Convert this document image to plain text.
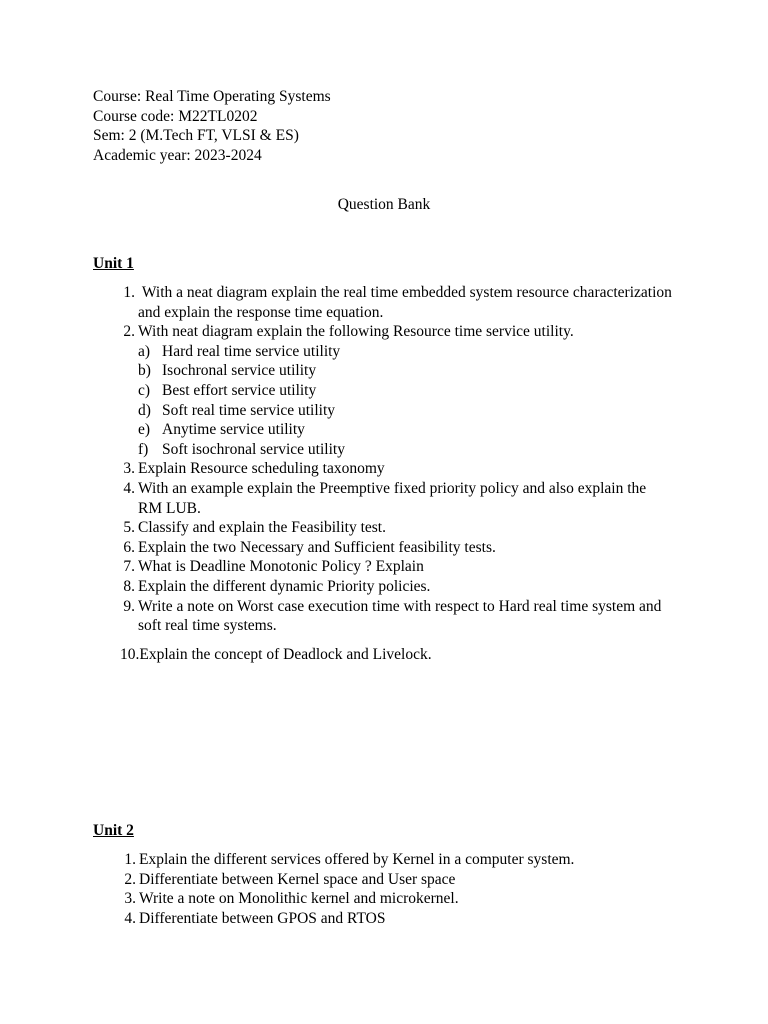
Course: Real Time Operating Systems
Course code: M22TL0202
Sem: 2 (M.Tech FT, VLSI & ES)
Academic year: 2023-2024
Question Bank
Unit 1
1. With a neat diagram explain the real time embedded system resource characterization and explain the response time equation.
2. With neat diagram explain the following Resource time service utility.
a) Hard real time service utility
b) Isochronal service utility
c) Best effort service utility
d) Soft real time service utility
e) Anytime service utility
f) Soft isochronal service utility
3. Explain Resource scheduling taxonomy
4. With an example explain the Preemptive fixed priority policy and also explain the RM LUB.
5. Classify and explain the Feasibility test.
6. Explain the two Necessary and Sufficient feasibility tests.
7. What is Deadline Monotonic Policy ? Explain
8. Explain the different dynamic Priority policies.
9. Write a note on Worst case execution time with respect to Hard real time system and soft real time systems.
10.Explain the concept of Deadlock and Livelock.
Unit 2
1. Explain the different services offered by Kernel in a computer system.
2. Differentiate between Kernel space and User space
3. Write a note on Monolithic kernel and microkernel.
4. Differentiate between GPOS and RTOS
